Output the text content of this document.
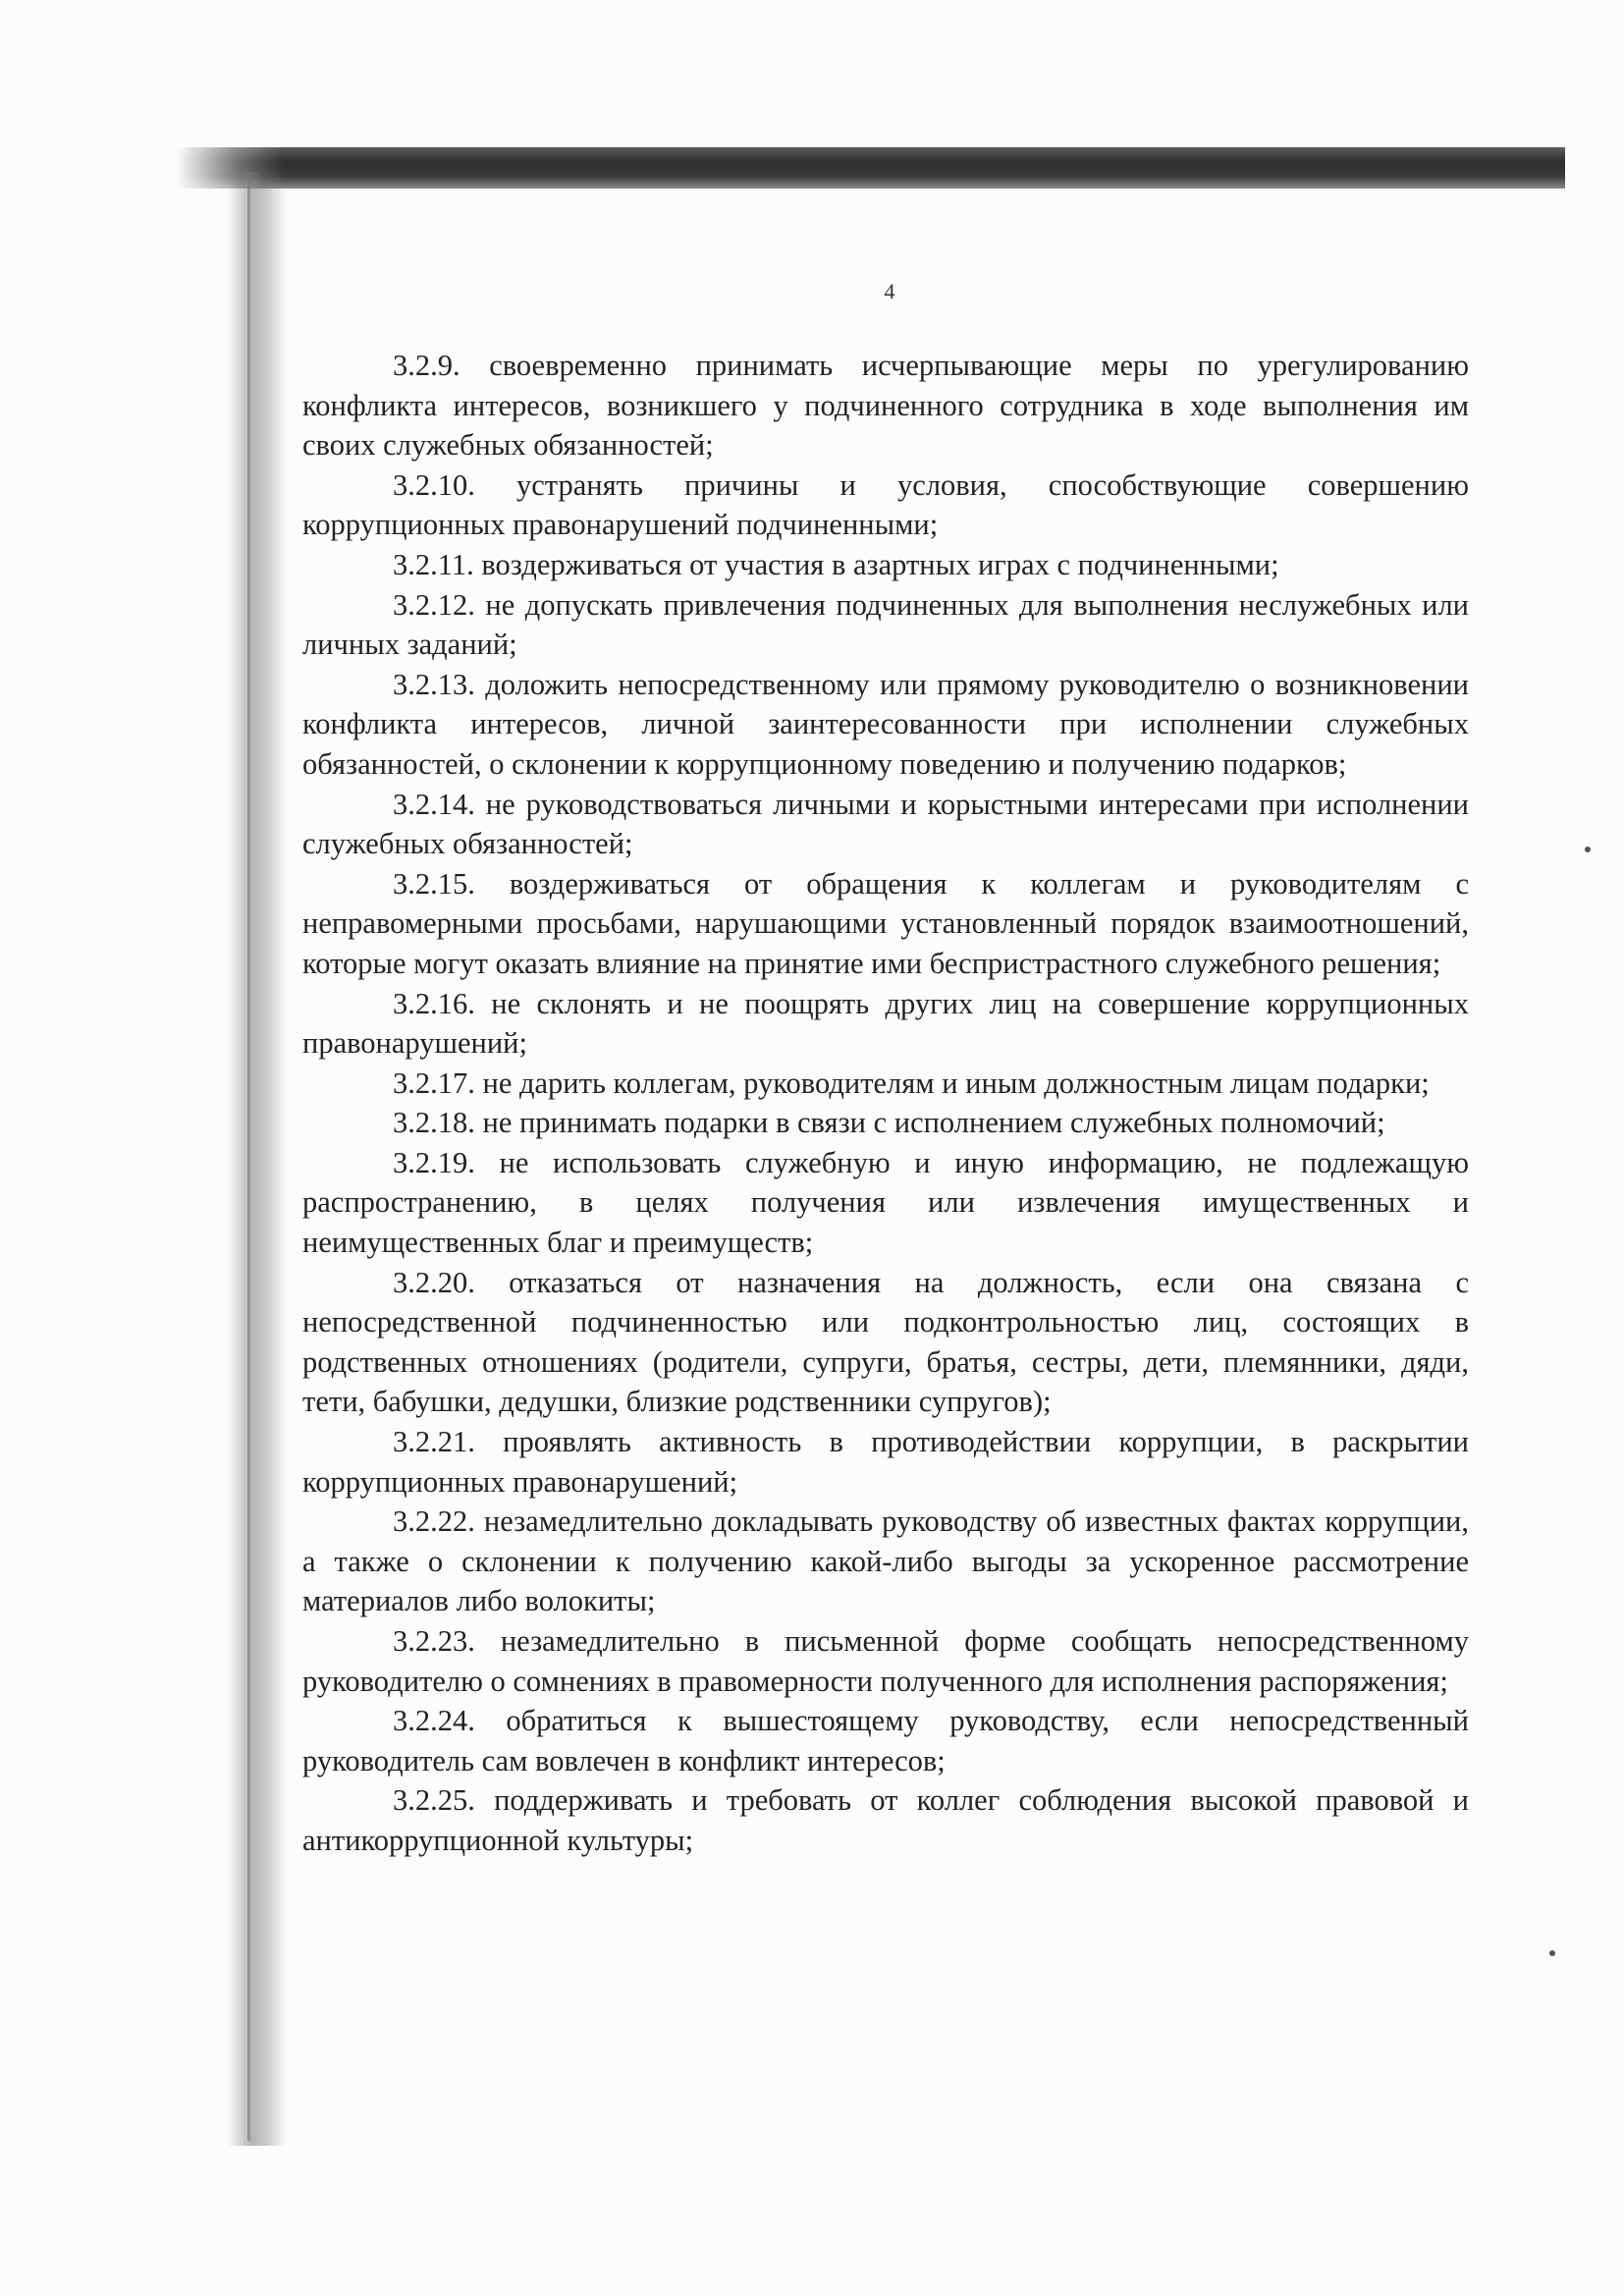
4

3.2.9. своевременно принимать исчерпывающие меры по урегулированию конфликта интересов, возникшего у подчиненного сотрудника в ходе выполнения им своих служебных обязанностей;

3.2.10. устранять причины и условия, способствующие совершению коррупционных правонарушений подчиненными;

3.2.11. воздерживаться от участия в азартных играх с подчиненными;

3.2.12. не допускать привлечения подчиненных для выполнения неслужебных или личных заданий;

3.2.13. доложить непосредственному или прямому руководителю о возникновении конфликта интересов, личной заинтересованности при исполнении служебных обязанностей, о склонении к коррупционному поведению и получению подарков;

3.2.14. не руководствоваться личными и корыстными интересами при исполнении служебных обязанностей;

3.2.15. воздерживаться от обращения к коллегам и руководителям с неправомерными просьбами, нарушающими установленный порядок взаимоотношений, которые могут оказать влияние на принятие ими беспристрастного служебного решения;

3.2.16. не склонять и не поощрять других лиц на совершение коррупционных правонарушений;

3.2.17. не дарить коллегам, руководителям и иным должностным лицам подарки;

3.2.18. не принимать подарки в связи с исполнением служебных полномочий;

3.2.19. не использовать служебную и иную информацию, не подлежащую распространению, в целях получения или извлечения имущественных и неимущественных благ и преимуществ;

3.2.20. отказаться от назначения на должность, если она связана с непосредственной подчиненностью или подконтрольностью лиц, состоящих в родственных отношениях (родители, супруги, братья, сестры, дети, племянники, дяди, тети, бабушки, дедушки, близкие родственники супругов);

3.2.21. проявлять активность в противодействии коррупции, в раскрытии коррупционных правонарушений;

3.2.22. незамедлительно докладывать руководству об известных фактах коррупции, а также о склонении к получению какой-либо выгоды за ускоренное рассмотрение материалов либо волокиты;

3.2.23. незамедлительно в письменной форме сообщать непосредственному руководителю о сомнениях в правомерности полученного для исполнения распоряжения;

3.2.24. обратиться к вышестоящему руководству, если непосредственный руководитель сам вовлечен в конфликт интересов;

3.2.25. поддерживать и требовать от коллег соблюдения высокой правовой и антикоррупционной культуры;
